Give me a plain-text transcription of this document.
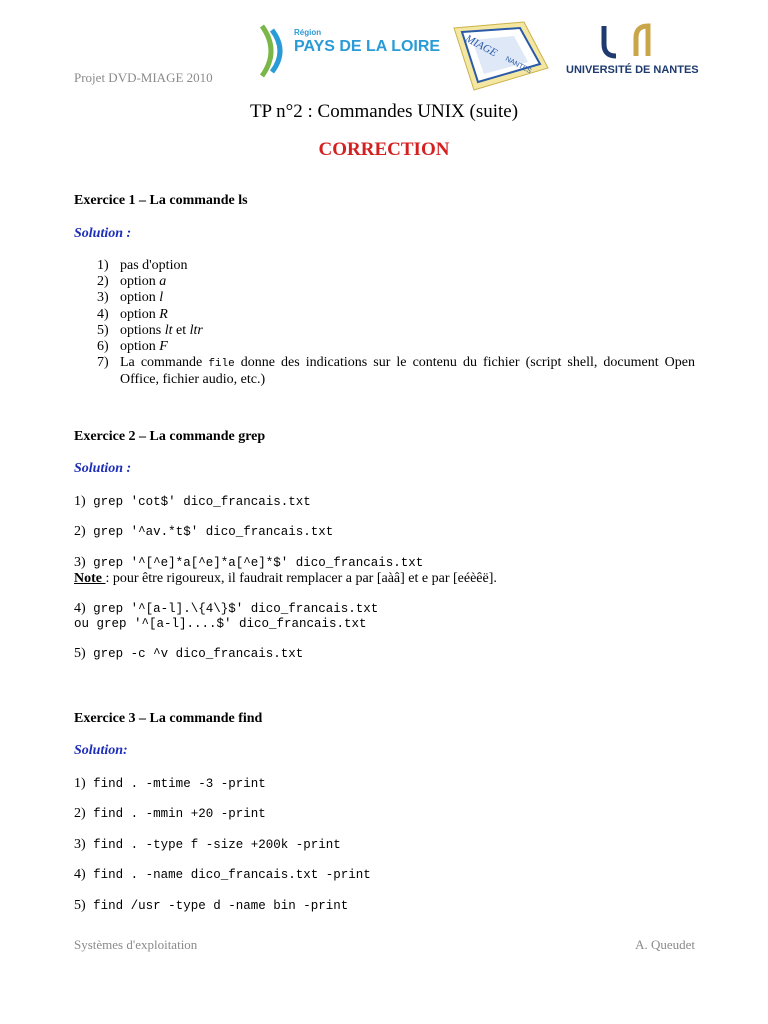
Projet DVD-MIAGE 2010
Région
PAYS DE LA LOIRE MIAGE
NANTES	UNIVERSITÉ DE NANTES
TP n°2 : Commandes UNIX (suite)
CORRECTION
Exercice 1 – La commande ls
Solution :
1) pas d'option
2) option a
3) option l
4) option R
5) options lt et ltr
6) option F
7) La commande file donne des indications sur le contenu du fichier (script shell, document Open Office, fichier audio, etc.)
Exercice 2 – La commande grep
Solution :
1) grep 'cot$' dico_francais.txt
2) grep '^av.*t$' dico_francais.txt
3) grep '^[^e]*a[^e]*a[^e]*$' dico_francais.txt
Note : pour être rigoureux, il faudrait remplacer a par [aàâ] et e par [eéèêë].
4) grep '^[a-l].\{4\}$' dico_francais.txt
ou grep '^[a-l]....$' dico_francais.txt
5) grep -c ^v dico_francais.txt
Exercice 3 – La commande find
Solution:
1) find . -mtime -3 -print
2) find . -mmin +20 -print
3) find . -type f -size +200k -print
4) find . -name dico_francais.txt -print
5) find /usr -type d -name bin -print
Systèmes d'exploitation	A. Queudet
